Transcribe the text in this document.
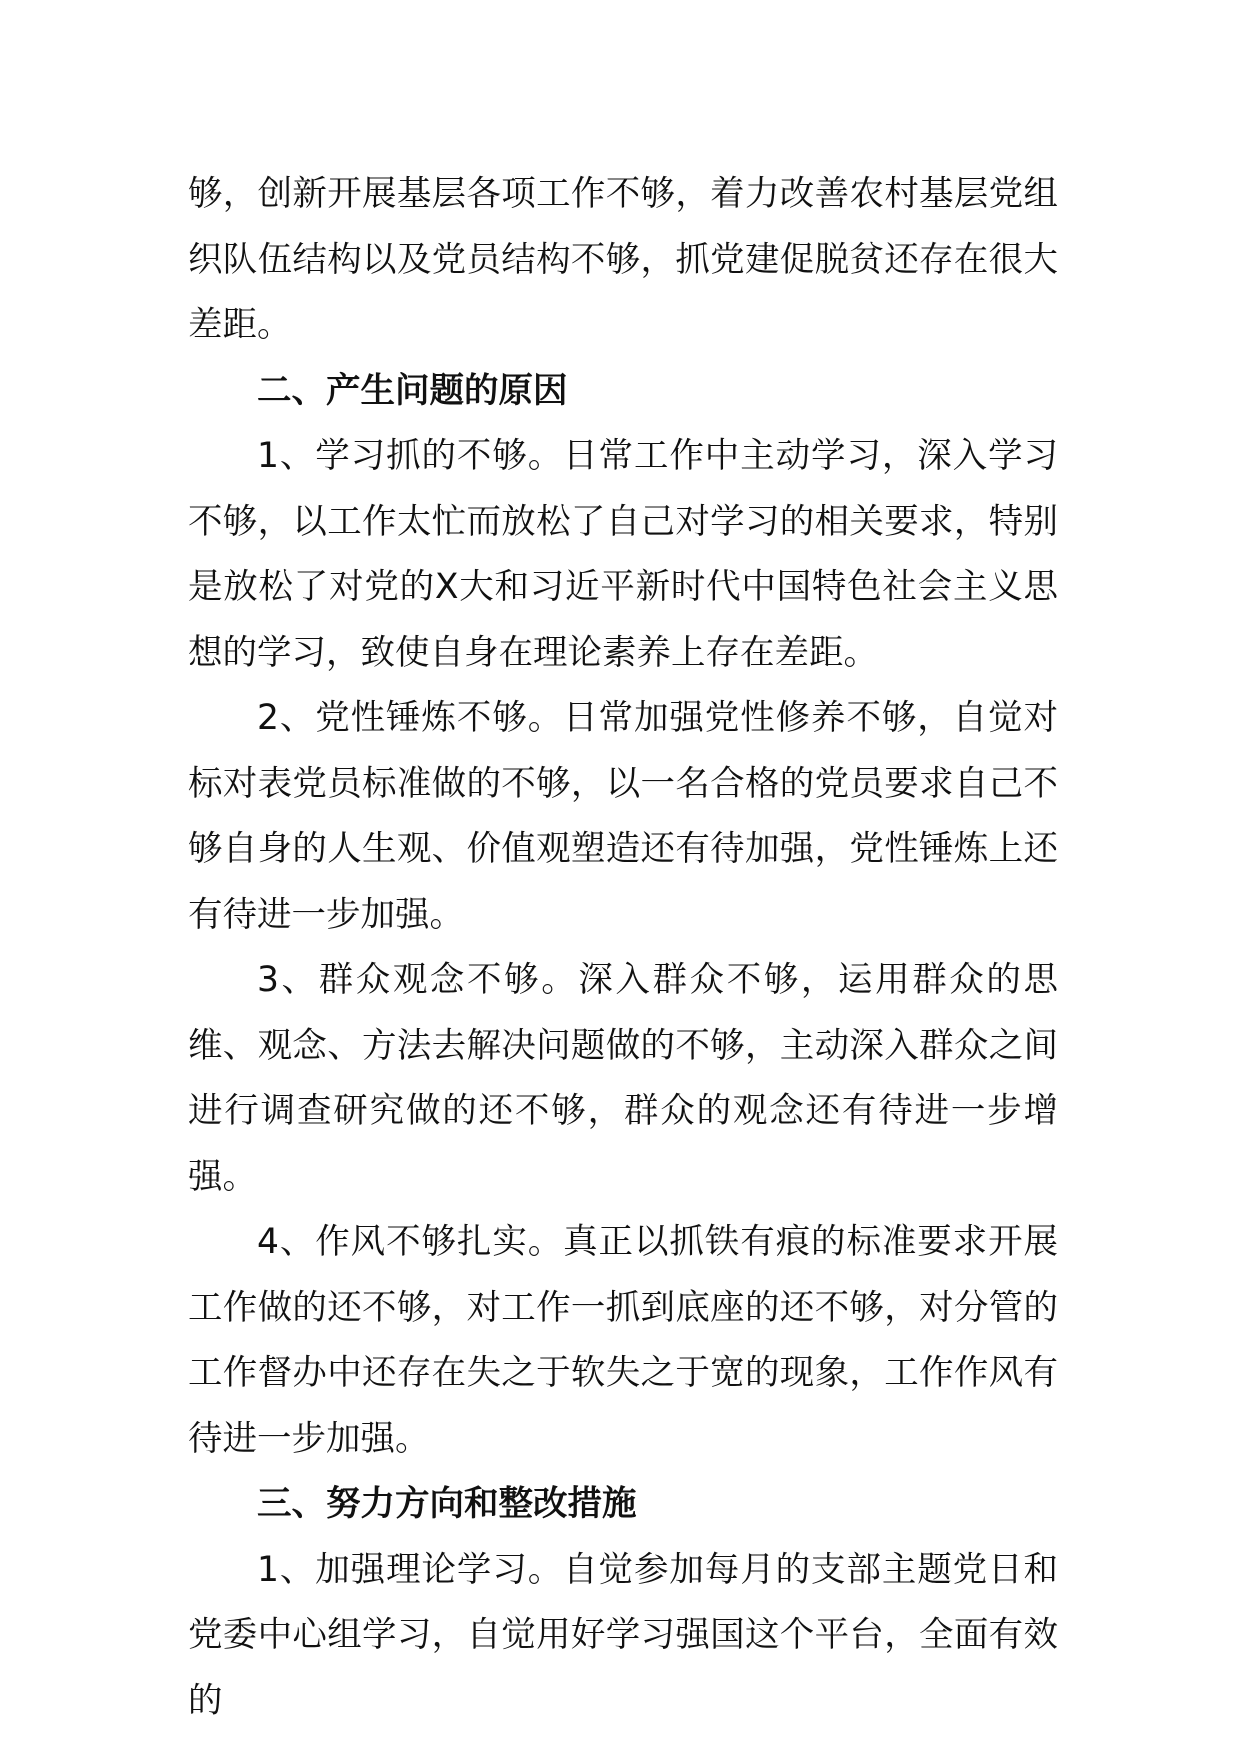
够，创新开展基层各项工作不够，着力改善农村基层党组织队伍结构以及党员结构不够，抓党建促脱贫还存在很大差距。

二、产生问题的原因

1、学习抓的不够。日常工作中主动学习，深入学习不够，以工作太忙而放松了自己对学习的相关要求，特别是放松了对党的X大和习近平新时代中国特色社会主义思想的学习，致使自身在理论素养上存在差距。

2、党性锤炼不够。日常加强党性修养不够，自觉对标对表党员标准做的不够，以一名合格的党员要求自己不够自身的人生观、价值观塑造还有待加强，党性锤炼上还有待进一步加强。

3、群众观念不够。深入群众不够，运用群众的思维、观念、方法去解决问题做的不够，主动深入群众之间进行调查研究做的还不够，群众的观念还有待进一步增强。

4、作风不够扎实。真正以抓铁有痕的标准要求开展工作做的还不够，对工作一抓到底座的还不够，对分管的工作督办中还存在失之于软失之于宽的现象，工作作风有待进一步加强。

三、努力方向和整改措施

1、加强理论学习。自觉参加每月的支部主题党日和党委中心组学习，自觉用好学习强国这个平台，全面有效的
